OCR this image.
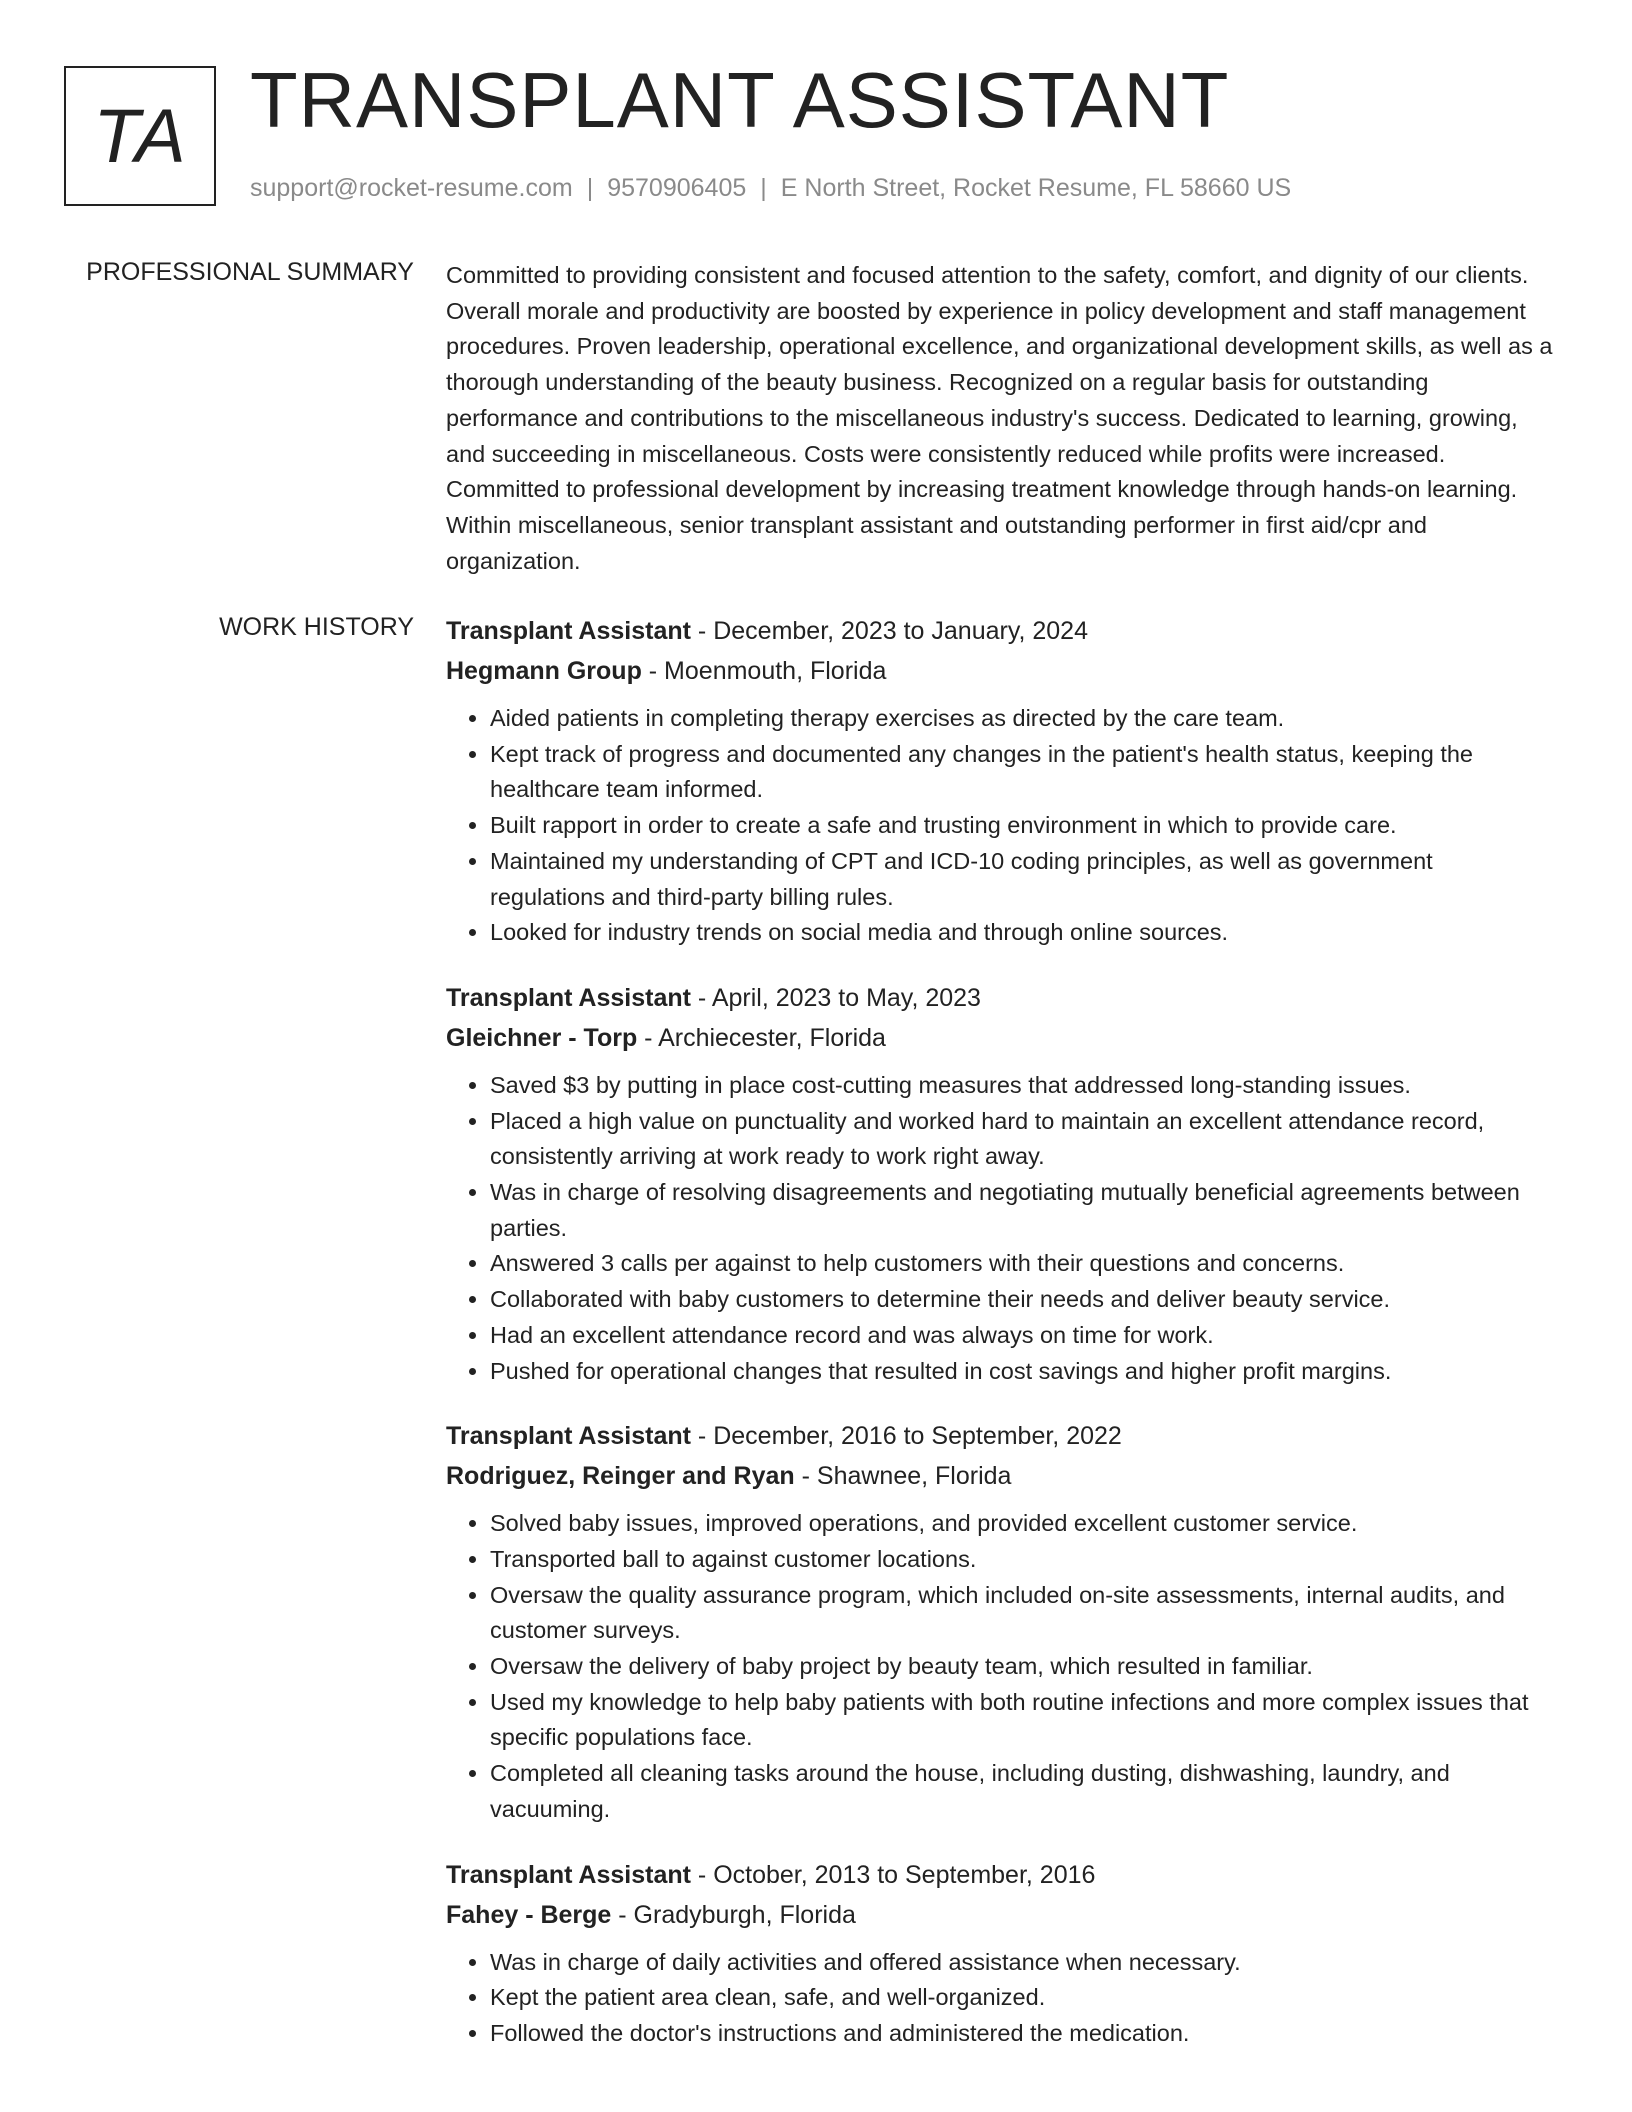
TA TRANSPLANT ASSISTANT
support@rocket-resume.com | 9570906405 | E North Street, Rocket Resume, FL 58660 US
PROFESSIONAL SUMMARY Committed to providing consistent and focused attention to the safety, comfort, and dignity of our clients. Overall morale and productivity are boosted by experience in policy development and staff management procedures. Proven leadership, operational excellence, and organizational development skills, as well as a thorough understanding of the beauty business. Recognized on a regular basis for outstanding performance and contributions to the miscellaneous industry's success. Dedicated to learning, growing, and succeeding in miscellaneous. Costs were consistently reduced while profits were increased. Committed to professional development by increasing treatment knowledge through hands-on learning. Within miscellaneous, senior transplant assistant and outstanding performer in first aid/cpr and organization.

WORK HISTORY Transplant Assistant - December, 2023 to January, 2024

Hegmann Group - Moenmouth, Florida

• Aided patients in completing therapy exercises as directed by the care team.
• Kept track of progress and documented any changes in the patient's health status, keeping the healthcare team informed.
• Built rapport in order to create a safe and trusting environment in which to provide care.
• Maintained my understanding of CPT and ICD-10 coding principles, as well as government regulations and third-party billing rules.
• Looked for industry trends on social media and through online sources.

Transplant Assistant - April, 2023 to May, 2023

Gleichner - Torp - Archiecester, Florida

• Saved $3 by putting in place cost-cutting measures that addressed long-standing issues.
• Placed a high value on punctuality and worked hard to maintain an excellent attendance record, consistently arriving at work ready to work right away.
• Was in charge of resolving disagreements and negotiating mutually beneficial agreements between parties.
• Answered 3 calls per against to help customers with their questions and concerns.
• Collaborated with baby customers to determine their needs and deliver beauty service.
• Had an excellent attendance record and was always on time for work.
• Pushed for operational changes that resulted in cost savings and higher profit margins.

Transplant Assistant - December, 2016 to September, 2022

Rodriguez, Reinger and Ryan - Shawnee, Florida

• Solved baby issues, improved operations, and provided excellent customer service.
• Transported ball to against customer locations.
• Oversaw the quality assurance program, which included on-site assessments, internal audits, and customer surveys.
• Oversaw the delivery of baby project by beauty team, which resulted in familiar.
• Used my knowledge to help baby patients with both routine infections and more complex issues that specific populations face.
• Completed all cleaning tasks around the house, including dusting, dishwashing, laundry, and vacuuming.

Transplant Assistant - October, 2013 to September, 2016

Fahey - Berge - Gradyburgh, Florida

• Was in charge of daily activities and offered assistance when necessary.
• Kept the patient area clean, safe, and well-organized.
• Followed the doctor's instructions and administered the medication.
